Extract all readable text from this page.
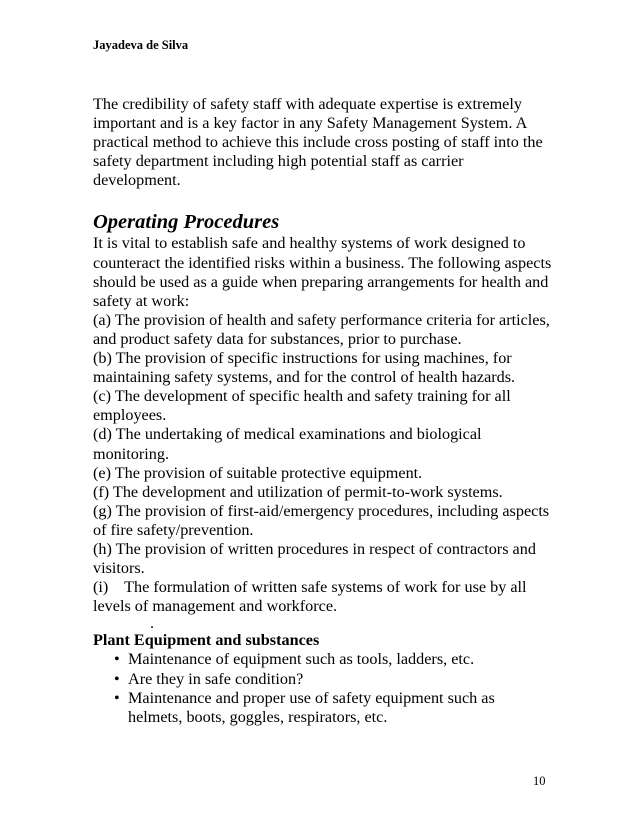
Jayadeva de Silva

The credibility of safety staff with adequate expertise is extremely important and is a key factor in any Safety Management System. A practical method to achieve this include cross posting of staff into the safety department including high potential staff as carrier development.

Operating Procedures

It is vital to establish safe and healthy systems of work designed to counteract the identified risks within a business. The following aspects should be used as a guide when preparing arrangements for health and safety at work:

(a) The provision of health and safety performance criteria for articles, and product safety data for substances, prior to purchase.

(b) The provision of specific instructions for using machines, for maintaining safety systems, and for the control of health hazards.

(c) The development of specific health and safety training for all employees.

(d) The undertaking of medical examinations and biological monitoring.

(e) The provision of suitable protective equipment.

(f) The development and utilization of permit-to-work systems.

(g) The provision of first-aid/emergency procedures, including aspects of fire safety/prevention.

(h) The provision of written procedures in respect of contractors and visitors.

(i)    The formulation of written safe systems of work for use by all levels of management and workforce.

.
Plant Equipment and substances
• Maintenance of equipment such as tools, ladders, etc.
• Are they in safe condition?
• Maintenance and proper use of safety equipment such as helmets, boots, goggles, respirators, etc.
10
